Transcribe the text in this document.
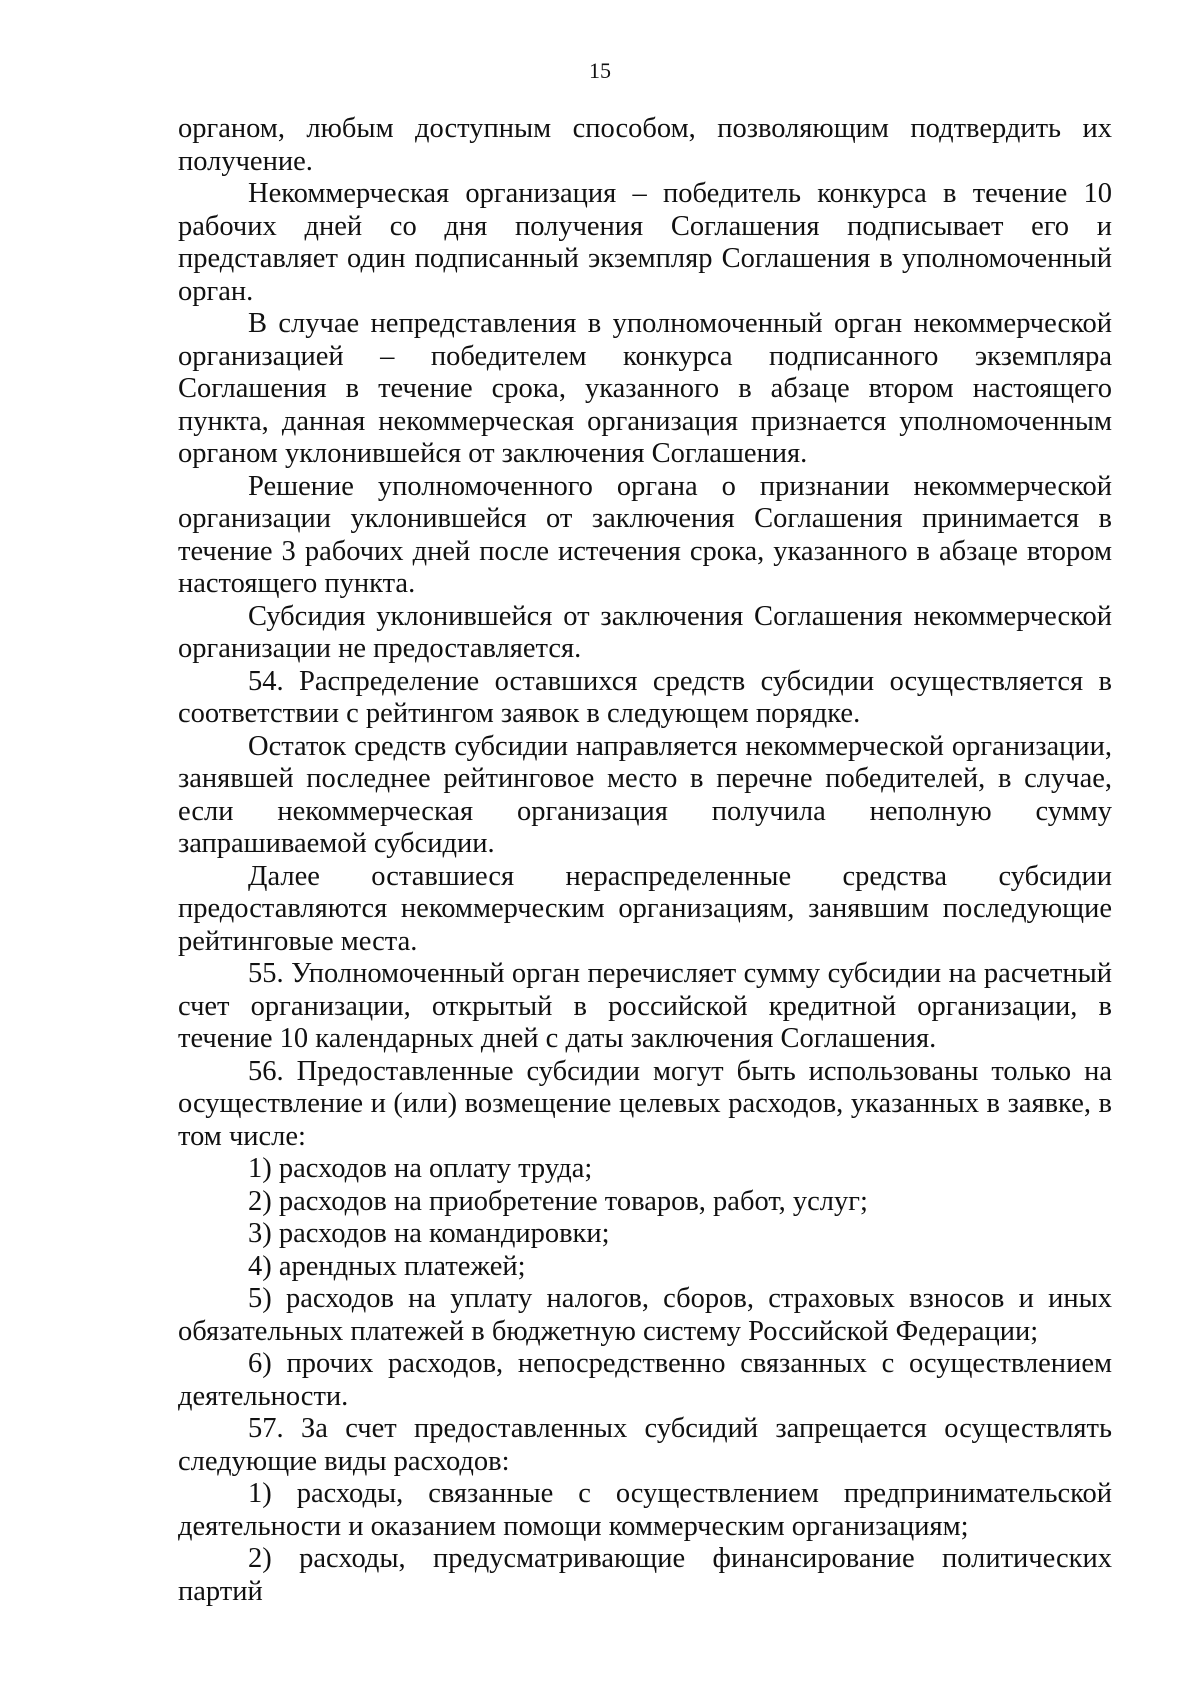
15

органом, любым доступным способом, позволяющим подтвердить их получение.

Некоммерческая организация – победитель конкурса в течение 10 рабочих дней со дня получения Соглашения подписывает его и представляет один подписанный экземпляр Соглашения в уполномоченный орган.

В случае непредставления в уполномоченный орган некоммерческой организацией – победителем конкурса подписанного экземпляра Соглашения в течение срока, указанного в абзаце втором настоящего пункта, данная некоммерческая организация признается уполномоченным органом уклонившейся от заключения Соглашения.

Решение уполномоченного органа о признании некоммерческой организации уклонившейся от заключения Соглашения принимается в течение 3 рабочих дней после истечения срока, указанного в абзаце втором настоящего пункта.

Субсидия уклонившейся от заключения Соглашения некоммерческой организации не предоставляется.

54. Распределение оставшихся средств субсидии осуществляется в соответствии с рейтингом заявок в следующем порядке.

Остаток средств субсидии направляется некоммерческой организации, занявшей последнее рейтинговое место в перечне победителей, в случае, если некоммерческая организация получила неполную сумму запрашиваемой субсидии.

Далее оставшиеся нераспределенные средства субсидии предоставляются некоммерческим организациям, занявшим последующие рейтинговые места.

55. Уполномоченный орган перечисляет сумму субсидии на расчетный счет организации, открытый в российской кредитной организации, в течение 10 календарных дней с даты заключения Соглашения.

56. Предоставленные субсидии могут быть использованы только на осуществление и (или) возмещение целевых расходов, указанных в заявке, в том числе:

1) расходов на оплату труда;

2) расходов на приобретение товаров, работ, услуг;

3) расходов на командировки;

4) арендных платежей;

5) расходов на уплату налогов, сборов, страховых взносов и иных обязательных платежей в бюджетную систему Российской Федерации;

6) прочих расходов, непосредственно связанных с осуществлением деятельности.

57. За счет предоставленных субсидий запрещается осуществлять следующие виды расходов:

1) расходы, связанные с осуществлением предпринимательской деятельности и оказанием помощи коммерческим организациям;

2) расходы, предусматривающие финансирование политических партий
